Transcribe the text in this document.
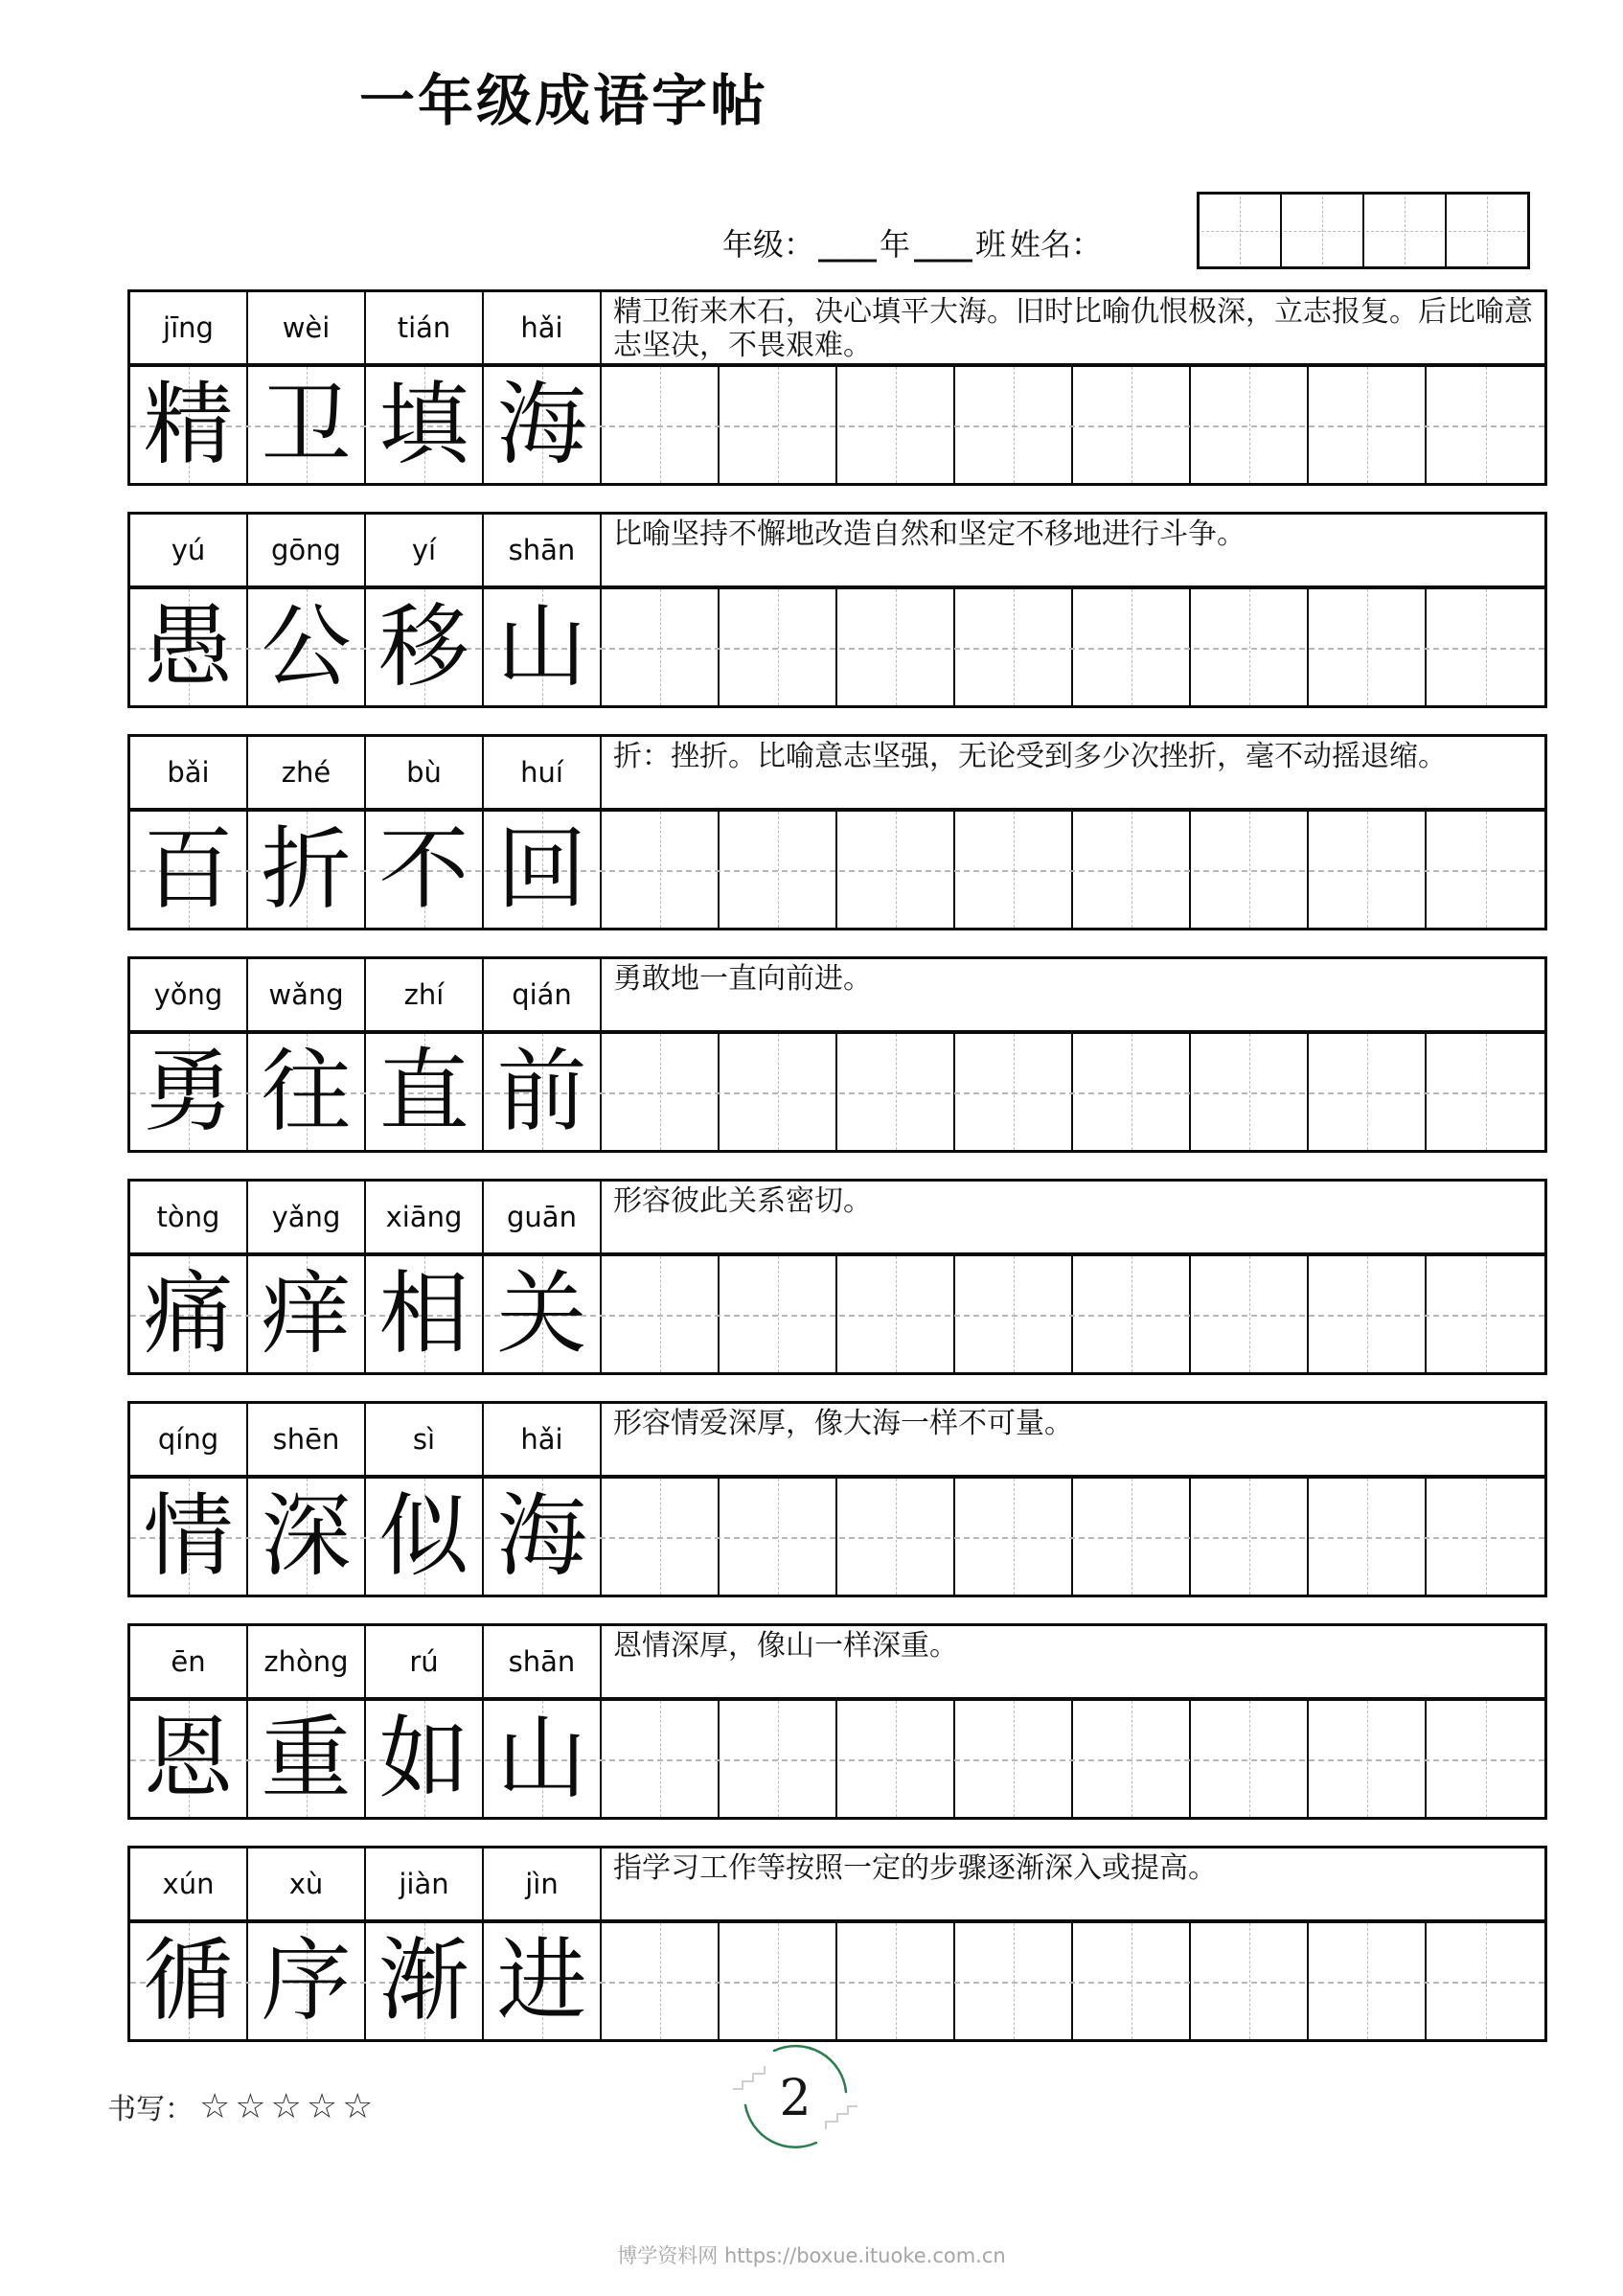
一年级成语字帖
年级： ____ 年 ____ 班 姓名：
jīng	wèi	tián	hǎi	精卫衔来木石，决心填平大海。旧时比喻仇恨极深，立志报复。后比喻意志坚决，不畏艰难。
精 卫 填 海
yú	gōng	yí	shān	比喻坚持不懈地改造自然和坚定不移地进行斗争。
愚 公 移 山
bǎi	zhé	bù	huí	折：挫折。比喻意志坚强，无论受到多少次挫折，毫不动摇退缩。
百 折 不 回
yǒng	wǎng	zhí	qián	勇敢地一直向前进。
勇 往 直 前
tòng	yǎng	xiāng	guān	形容彼此关系密切。
痛 痒 相 关
qíng	shēn	sì	hǎi	形容情爱深厚，像大海一样不可量。
情 深 似 海
ēn	zhòng	rú	shān	恩情深厚，像山一样深重。
恩 重 如 山
xún	xù	jiàn	jìn	指学习工作等按照一定的步骤逐渐深入或提高。
循 序 渐 进
书写： ☆☆☆☆☆	2
博学资料网 https://boxue.ituoke.com.cn
